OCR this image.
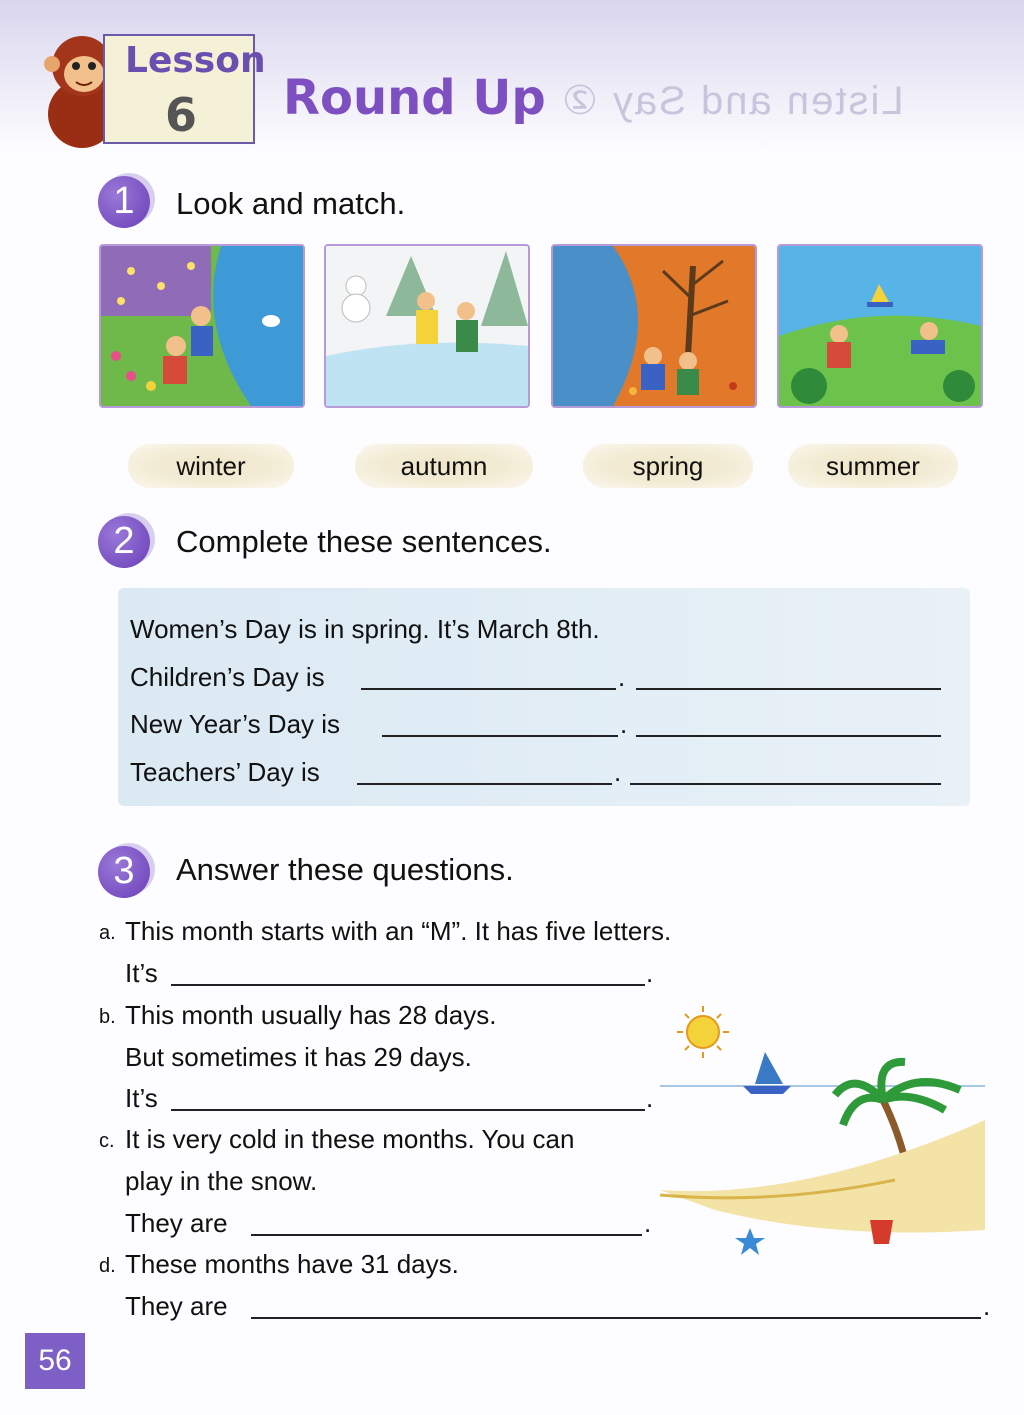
Listen and Say ②
Lesson
6 Round Up
1	Look and match.
winter	autumn	spring	summer
2	Complete these sentences.
Women’s Day is in spring. It’s March 8th.
Children’s Day is	.
New Year’s Day is	.
Teachers’ Day is	.
3	Answer these questions.
a. This month starts with an “M”. It has five letters.
It’s	.
b. This month usually has 28 days.
But sometimes it has 29 days.
It’s	.
c. It is very cold in these months. You can
play in the snow.
They are	.
d. These months have 31 days.
They are	.
56
